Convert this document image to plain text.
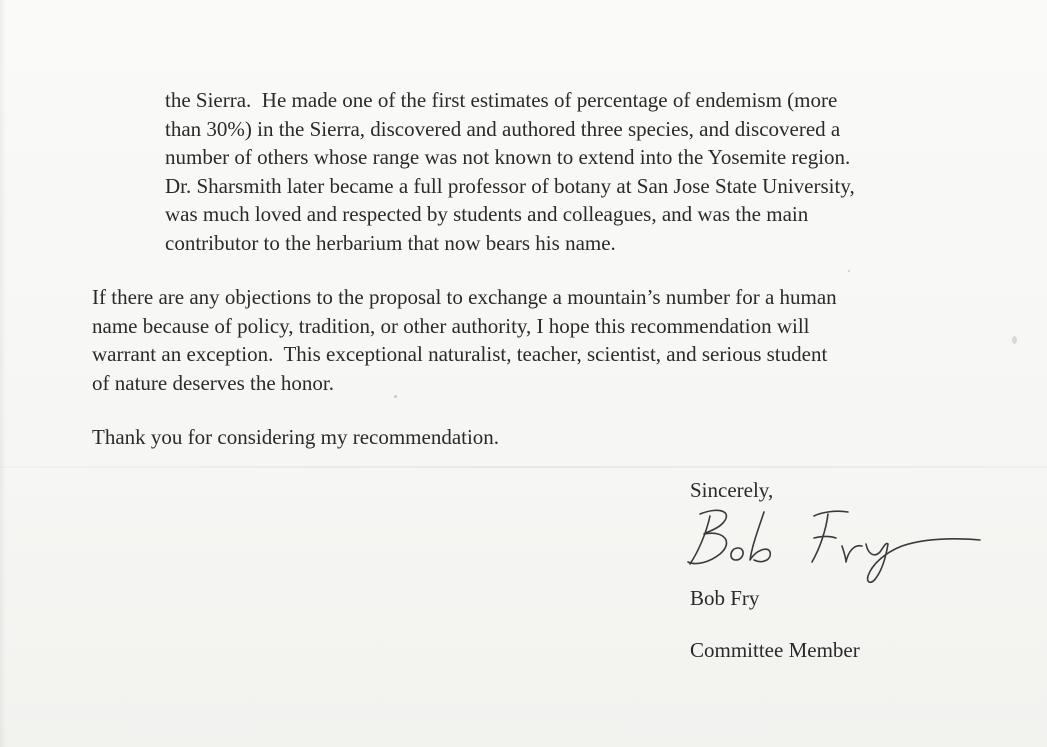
the Sierra.  He made one of the first estimates of percentage of endemism (more
than 30%) in the Sierra, discovered and authored three species, and discovered a
number of others whose range was not known to extend into the Yosemite region.
Dr. Sharsmith later became a full professor of botany at San Jose State University,
was much loved and respected by students and colleagues, and was the main
contributor to the herbarium that now bears his name.

If there are any objections to the proposal to exchange a mountain’s number for a human
name because of policy, tradition, or other authority, I hope this recommendation will
warrant an exception.  This exceptional naturalist, teacher, scientist, and serious student
of nature deserves the honor.

Thank you for considering my recommendation.

Sincerely,

Bob Fry

Committee Member
